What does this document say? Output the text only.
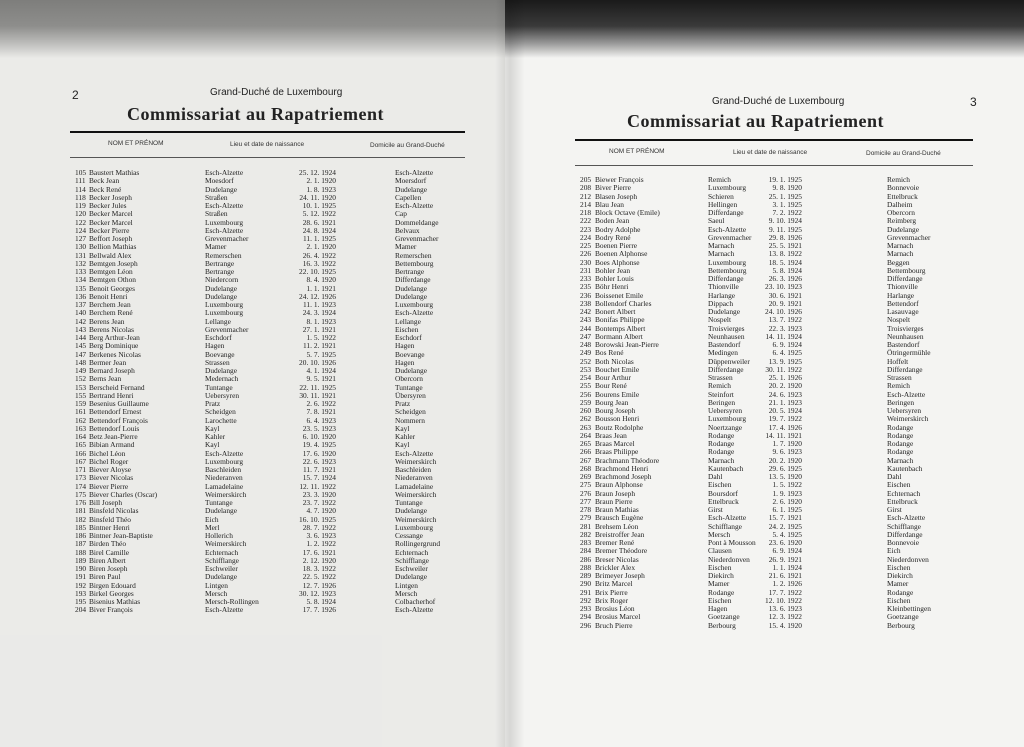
2	Grand-Duché de Luxembourg
Commissariat au Rapatriement
NOM ET PRÉNOM	Lieu et date de naissance	Domicile au Grand-Duché
105 Baustert Mathias	Esch-Alzette	25. 12. 1924	Esch-Alzette
111 Beck Jean	Moesdorf	2. 1. 1920	Moersdorf
114 Beck René	Dudelange	1. 8. 1923	Dudelange
118 Becker Joseph	Straßen	24. 11. 1920	Capellen
119 Becker Jules	Esch-Alzette	10. 1. 1925	Esch-Alzette
120 Becker Marcel	Straßen	5. 12. 1922	Cap
122 Becker Marcel	Luxembourg	28. 6. 1921	Dommeldange
124 Becker Pierre	Esch-Alzette	24. 8. 1924	Belvaux
127 Beffort Joseph	Grevenmacher	11. 1. 1925	Grevenmacher
130 Bellion Mathias	Mamer	2. 1. 1920	Mamer
131 Bellwald Alex	Remerschen	26. 4. 1922	Remerschen
132 Bemtgen Joseph	Bertrange	16. 3. 1922	Bettembourg
133 Bemtgen Léon	Bertrange	22. 10. 1925	Bertrange
134 Bemtgen Othon	Niedercorn	8. 4. 1920	Differdange
135 Benoit Georges	Dudelange	1. 1. 1921	Dudelange
136 Benoit Henri	Dudelange	24. 12. 1926	Dudelange
137 Berchem Jean	Luxembourg	11. 1. 1923	Luxembourg
140 Berchem René	Luxembourg	24. 3. 1924	Esch-Alzette
142 Berens Jean	Lellange	8. 1. 1923	Lellange
143 Berens Nicolas	Grevenmacher	27. 1. 1921	Eischen
144 Berg Arthur-Jean	Eschdorf	1. 5. 1922	Eschdorf
145 Berg Dominique	Hagen	11. 2. 1921	Hagen
147 Berkenes Nicolas	Boevange	5. 7. 1925	Boevange
148 Bermer Jean	Strassen	20. 10. 1926	Hagen
149 Bernard Joseph	Dudelange	4. 1. 1924	Dudelange
152 Berns Jean	Medernach	9. 5. 1921	Obercorn
153 Berscheid Fernand	Tuntange	22. 11. 1925	Tuntange
155 Bertrand Henri	Uebersyren	30. 11. 1921	Übersyren
159 Besenius Guillaume	Pratz	2. 6. 1922	Pratz
161 Bettendorf Ernest	Scheidgen	7. 8. 1921	Scheidgen
162 Bettendorf François	Larochette	6. 4. 1923	Nommern
163 Bettendorf Louis	Kayl	23. 5. 1923	Kayl
164 Betz Jean-Pierre	Kahler	6. 10. 1920	Kahler
165 Bibian Armand	Kayl	19. 4. 1925	Kayl
166 Bichel Léon	Esch-Alzette	17. 6. 1920	Esch-Alzette
167 Bichel Roger	Luxembourg	22. 6. 1923	Weimerskirch
171 Biever Aloyse	Baschleiden	11. 7. 1921	Baschleiden
173 Biever Nicolas	Niederanven	15. 7. 1924	Niederanven
174 Biever Pierre	Lamadelaine	12. 11. 1922	Lamadelaine
175 Biever Charles (Oscar)	Weimerskirch	23. 3. 1920	Weimerskirch
176 Bill Joseph	Tuntange	23. 7. 1922	Tuntange
181 Binsfeld Nicolas	Dudelange	4. 7. 1920	Dudelange
182 Binsfeld Théo	Eich	16. 10. 1925	Weimerskirch
185 Bintner Henri	Merl	28. 7. 1922	Luxembourg
186 Bintner Jean-Baptiste	Hollerich	3. 6. 1923	Cessange
187 Birden Théo	Weimerskirch	1. 2. 1922	Rollingergrund
188 Birel Camille	Echternach	17. 6. 1921	Echternach
189 Biren Albert	Schifflange	2. 12. 1920	Schifflange
190 Biren Joseph	Eschweiler	18. 3. 1922	Eschweiler
191 Biren Paul	Dudelange	22. 5. 1922	Dudelange
192 Birgen Edouard	Lintgen	12. 7. 1926	Lintgen
193 Birkel Georges	Mersch	30. 12. 1923	Mersch
195 Bisenius Mathias	Mersch-Rollingen	5. 8. 1924	Colbacherhof
204 Biver François	Esch-Alzette	17. 7. 1926	Esch-Alzette
3
Grand-Duché de Luxembourg
Commissariat au Rapatriement
NOM ET PRÉNOM	Lieu et date de naissance	Domicile au Grand-Duché
205 Biewer François	Remich	19. 1. 1925	Remich
208 Biver Pierre	Luxembourg	9. 8. 1920	Bonnevoie
212 Blasen Joseph	Schieren	25. 1. 1925	Ettelbruck
214 Blau Jean	Hellingen	3. 1. 1925	Dalheim
218 Block Octave (Emile)	Differdange	7. 2. 1922	Obercorn
222 Boden Jean	Saeul	9. 10. 1924	Reimberg
223 Bodry Adolphe	Esch-Alzette	9. 11. 1925	Dudelange
224 Bodry René	Grevenmacher	29. 8. 1926	Grevenmacher
225 Boenen Pierre	Marnach	25. 5. 1921	Marnach
226 Boenen Alphonse	Marnach	13. 8. 1922	Marnach
230 Boes Alphonse	Luxembourg	18. 5. 1924	Beggen
231 Bohler Jean	Bettembourg	5. 8. 1924	Bettembourg
233 Bohler Louis	Differdange	26. 3. 1926	Differdange
235 Böhr Henri	Thionville	23. 10. 1923	Thionville
236 Boissenet Emile	Harlange	30. 6. 1921	Harlange
238 Bollendorf Charles	Dippach	20. 9. 1921	Bettendorf
242 Bonert Albert	Dudelange	24. 10. 1926	Lasauvage
243 Bonifas Philippe	Nospelt	13. 7. 1922	Nospelt
244 Bontemps Albert	Troisvierges	22. 3. 1923	Troisvierges
247 Bormann Albert	Neunhausen	14. 11. 1924	Neunhausen
248 Borowski Jean-Pierre	Bastendorf	6. 9. 1924	Bastendorf
249 Bos René	Medingen	6. 4. 1925	Ötringermühle
252 Both Nicolas	Düppenweiler	13. 9. 1925	Hoffelt
253 Bouchet Emile	Differdange	30. 11. 1922	Differdange
254 Bour Arthur	Strassen	25. 1. 1926	Strassen
255 Bour René	Remich	20. 2. 1920	Remich
256 Bourens Emile	Steinfort	24. 6. 1923	Esch-Alzette
259 Bourg Jean	Beringen	21. 1. 1923	Beringen
260 Bourg Joseph	Uebersyren	20. 5. 1924	Uebersyren
262 Bousson Henri	Luxembourg	19. 7. 1922	Weimerskirch
263 Boutz Rodolphe	Noertzange	17. 4. 1926	Rodange
264 Braas Jean	Rodange	14. 11. 1921	Rodange
265 Braas Marcel	Rodange	1. 7. 1920	Rodange
266 Braas Philippe	Rodange	9. 6. 1923	Rodange
267 Brachmann Théodore	Marnach	20. 2. 1920	Marnach
268 Brachmond Henri	Kautenbach	29. 6. 1925	Kautenbach
269 Brachmond Joseph	Dahl	13. 5. 1920	Dahl
275 Braun Alphonse	Eischen	1. 5. 1922	Eischen
276 Braun Joseph	Boursdorf	1. 9. 1923	Echternach
277 Braun Pierre	Ettelbruck	2. 6. 1920	Ettelbruck
278 Braun Mathias	Girst	6. 1. 1925	Girst
279 Brausch Eugène	Esch-Alzette	15. 7. 1921	Esch-Alzette
281 Brehsem Léon	Schifflange	24. 2. 1925	Schifflange
282 Breistroffer Jean	Mersch	5. 4. 1925	Differdange
283 Bremer René	Pont à Mousson	23. 6. 1920	Bonnevoie
284 Bremer Théodore	Clausen	6. 9. 1924	Eich
286 Breser Nicolas	Niederdonven	26. 9. 1921	Niederdonven
288 Brickler Alex	Eischen	1. 1. 1924	Eischen
289 Brimeyer Joseph	Diekirch	21. 6. 1921	Diekirch
290 Britz Marcel	Mamer	1. 2. 1926	Mamer
291 Brix Pierre	Rodange	17. 7. 1922	Rodange
292 Brix Roger	Eischen	12. 10. 1922	Eischen
293 Brosius Léon	Hagen	13. 6. 1923	Kleinbettingen
294 Brosius Marcel	Goetzange	12. 3. 1922	Goetzange
296 Bruch Pierre	Berbourg	15. 4. 1920	Berbourg
